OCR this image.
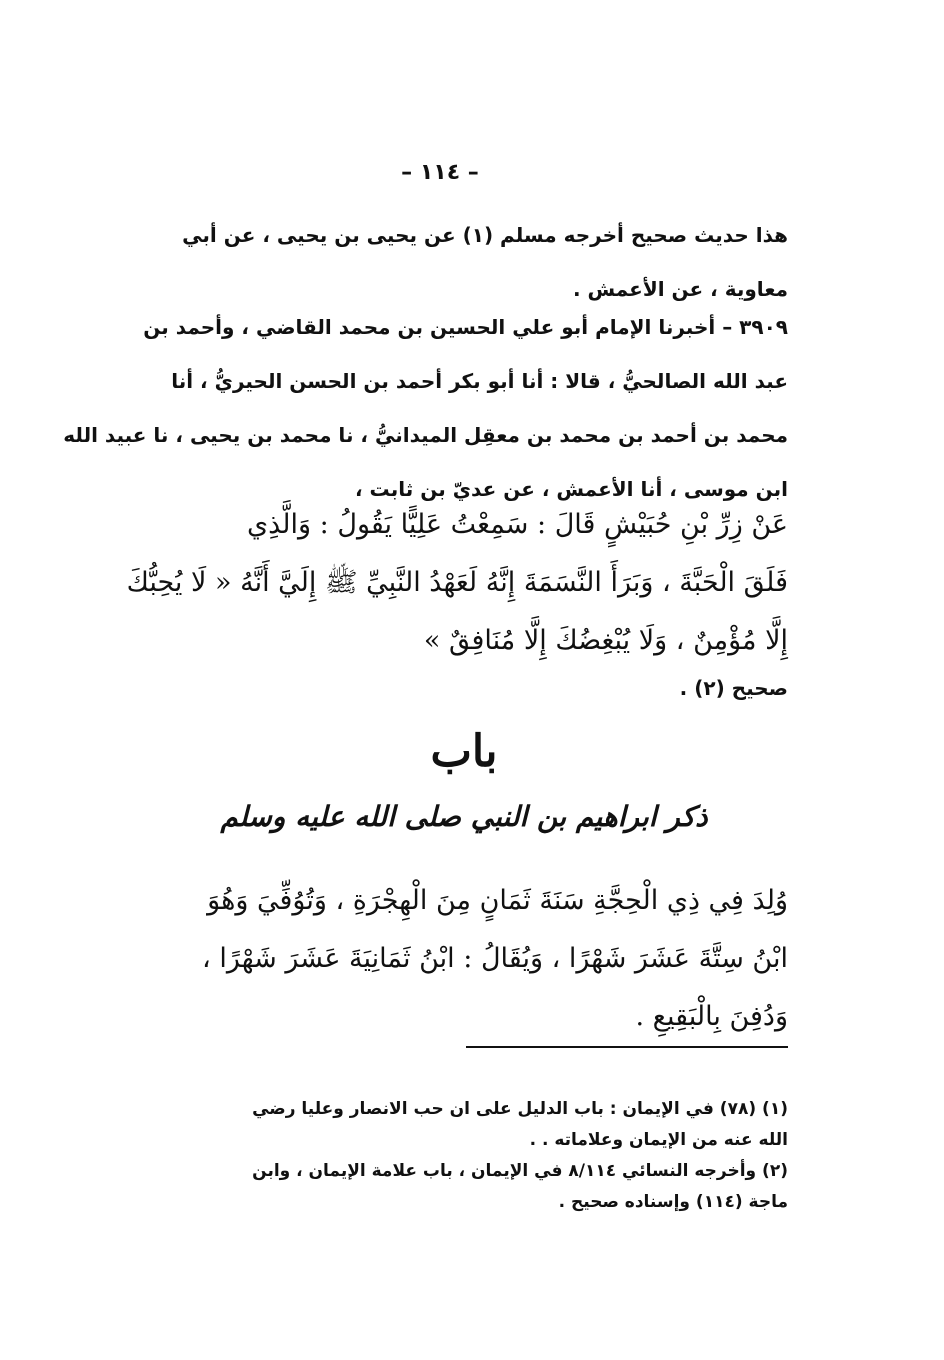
– ١١٤ –
هذا حديث صحيح أخرجه مسلم (١) عن يحيى بن يحيى ، عن أبي
معاوية ، عن الأعمش .
٣٩٠٩ – أخبرنا الإمام أبو علي الحسين بن محمد القاضي ، وأحمد بن
عبد الله الصالحيُّ ، قالا : أنا أبو بكر أحمد بن الحسن الحيريُّ ، أنا
محمد بن أحمد بن محمد بن معقِل الميدانيُّ ، نا محمد بن يحيى ، نا عبيد الله
ابن موسى ، أنا الأعمش ، عن عديّ بن ثابت ،
عَنْ زِرِّ بْنِ حُبَيْشٍ قَالَ : سَمِعْتُ عَلِيًّا يَقُولُ : وَالَّذِي
فَلَقَ الْحَبَّةَ ، وَبَرَأَ النَّسَمَةَ إِنَّهُ لَعَهْدُ النَّبِيِّ ﷺ إِلَيَّ أَنَّهُ « لَا يُحِبُّكَ
إِلَّا مُؤْمِنٌ ، وَلَا يُبْغِضُكَ إِلَّا مُنَافِقٌ »
صحيح (٢) .
باب
ذكر ابراهيم بن النبي صلى الله عليه وسلم
وُلِدَ فِي ذِي الْحِجَّةِ سَنَةَ ثَمَانٍ مِنَ الْهِجْرَةِ ، وَتُوُفِّيَ وَهُوَ
ابْنُ سِتَّةَ عَشَرَ شَهْرًا ، وَيُقَالُ : ابْنُ ثَمَانِيَةَ عَشَرَ شَهْرًا ،
وَدُفِنَ بِالْبَقِيعِ .
(١) (٧٨) في الإيمان : باب الدليل على ان حب الانصار وعليا رضي
الله عنه من الإيمان وعلاماته . .
(٢) وأخرجه النسائي ٨/١١٤ في الإيمان ، باب علامة الإيمان ، وابن
ماجة (١١٤) وإسناده صحيح .
